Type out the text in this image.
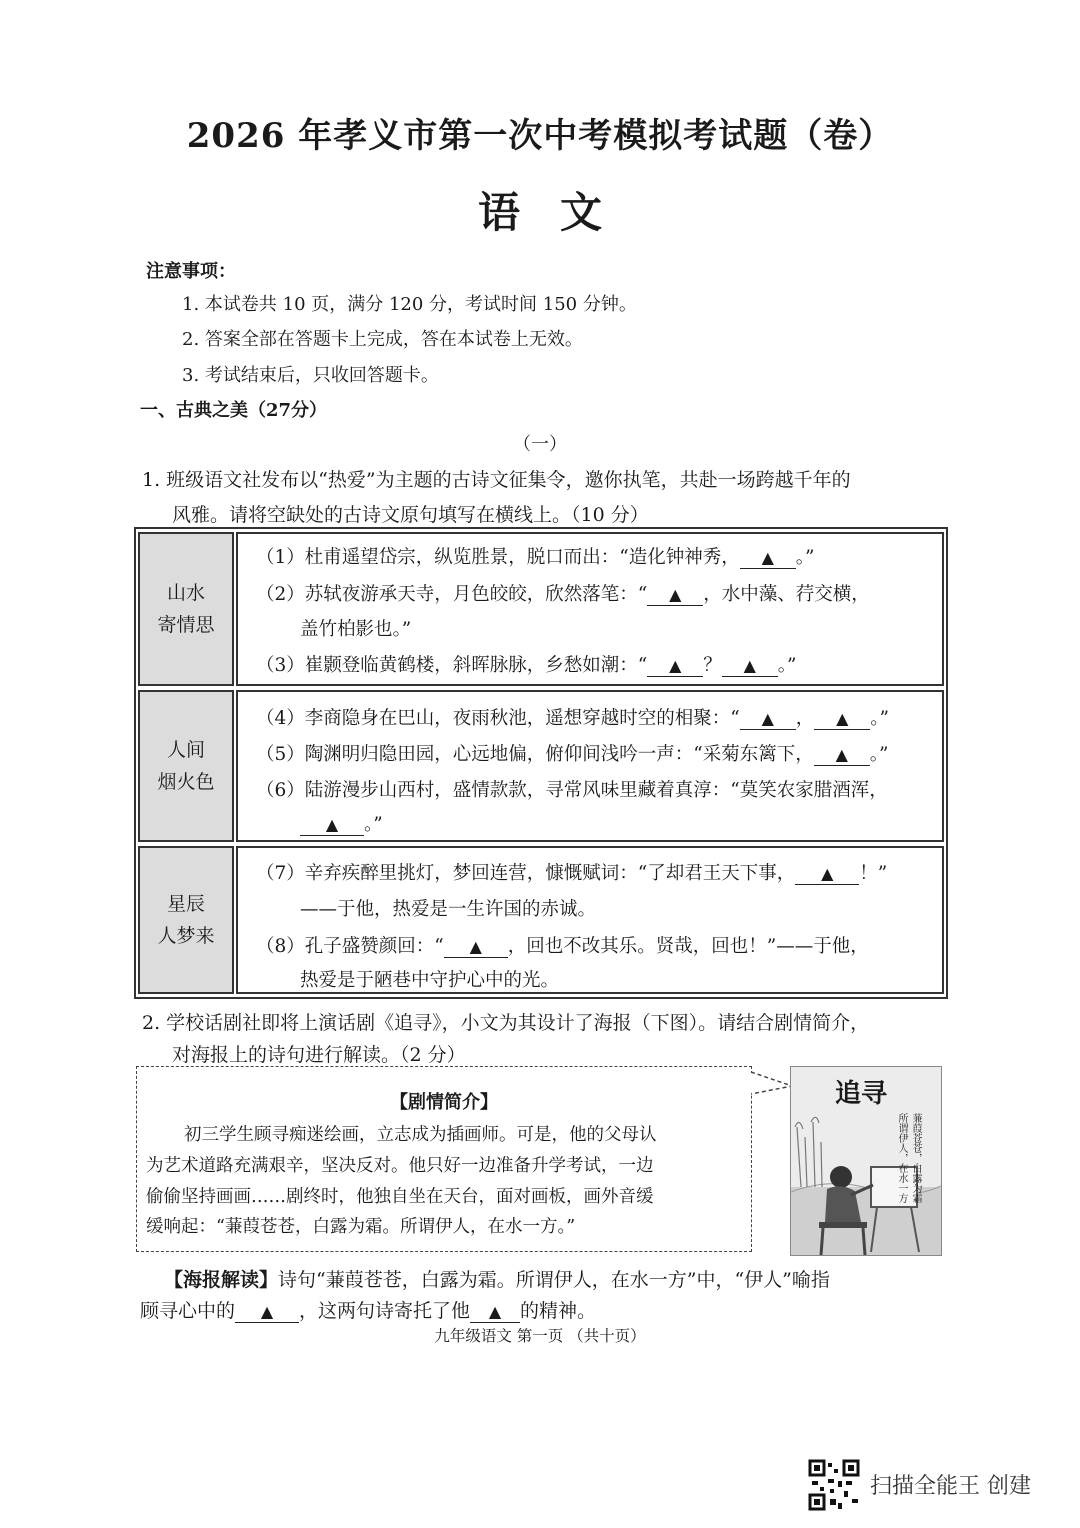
2026 年孝义市第一次中考模拟考试题（卷）
语文
注意事项：
1. 本试卷共 10 页，满分 120 分，考试时间 150 分钟。
2. 答案全部在答题卡上完成，答在本试卷上无效。
3. 考试结束后，只收回答题卡。
一、古典之美（27分）
（一）
1. 班级语文社发布以“热爱”为主题的古诗文征集令，邀你执笔，共赴一场跨越千年的
风雅。请将空缺处的古诗文原句填写在横线上。（10 分）
山水
寄情思
人间
烟火色
星辰
人梦来
（1）杜甫遥望岱宗，纵览胜景，脱口而出：“造化钟神秀， ▲ 。”
（2）苏轼夜游承天寺，月色皎皎，欣然落笔：“ ▲ ，水中藻、荇交横，
盖竹柏影也。”
（3）崔颢登临黄鹤楼，斜晖脉脉，乡愁如潮：“ ▲ ？ ▲ 。”
（4）李商隐身在巴山，夜雨秋池，遥想穿越时空的相聚：“ ▲ ， ▲ 。”
（5）陶渊明归隐田园，心远地偏，俯仰间浅吟一声：“采菊东篱下， ▲ 。”
（6）陆游漫步山西村，盛情款款，寻常风味里藏着真淳：“莫笑农家腊酒浑，
▲ 。”
（7）辛弃疾醉里挑灯，梦回连营，慷慨赋词：“了却君王天下事， ▲ ！”
——于他，热爱是一生许国的赤诚。
（8）孔子盛赞颜回：“ ▲ ，回也不改其乐。贤哉，回也！”——于他，
热爱是于陋巷中守护心中的光。
2. 学校话剧社即将上演话剧《追寻》，小文为其设计了海报（下图）。请结合剧情简介，
对海报上的诗句进行解读。（2 分）
【剧情简介】
初三学生顾寻痴迷绘画，立志成为插画师。可是，他的父母认
为艺术道路充满艰辛，坚决反对。他只好一边准备升学考试，一边
偷偷坚持画画……剧终时，他独自坐在天台，面对画板，画外音缓
缓响起：“蒹葭苍苍，白露为霜。所谓伊人，在水一方。”
追寻
蒹葭苍苍，白露为霜
所谓伊人，在水一方
【海报解读】诗句“蒹葭苍苍，白露为霜。所谓伊人，在水一方”中，“伊人”喻指
顾寻心中的 ▲ ，这两句诗寄托了他 ▲ 的精神。
九年级语文 第一页 （共十页）
扫描全能王 创建
